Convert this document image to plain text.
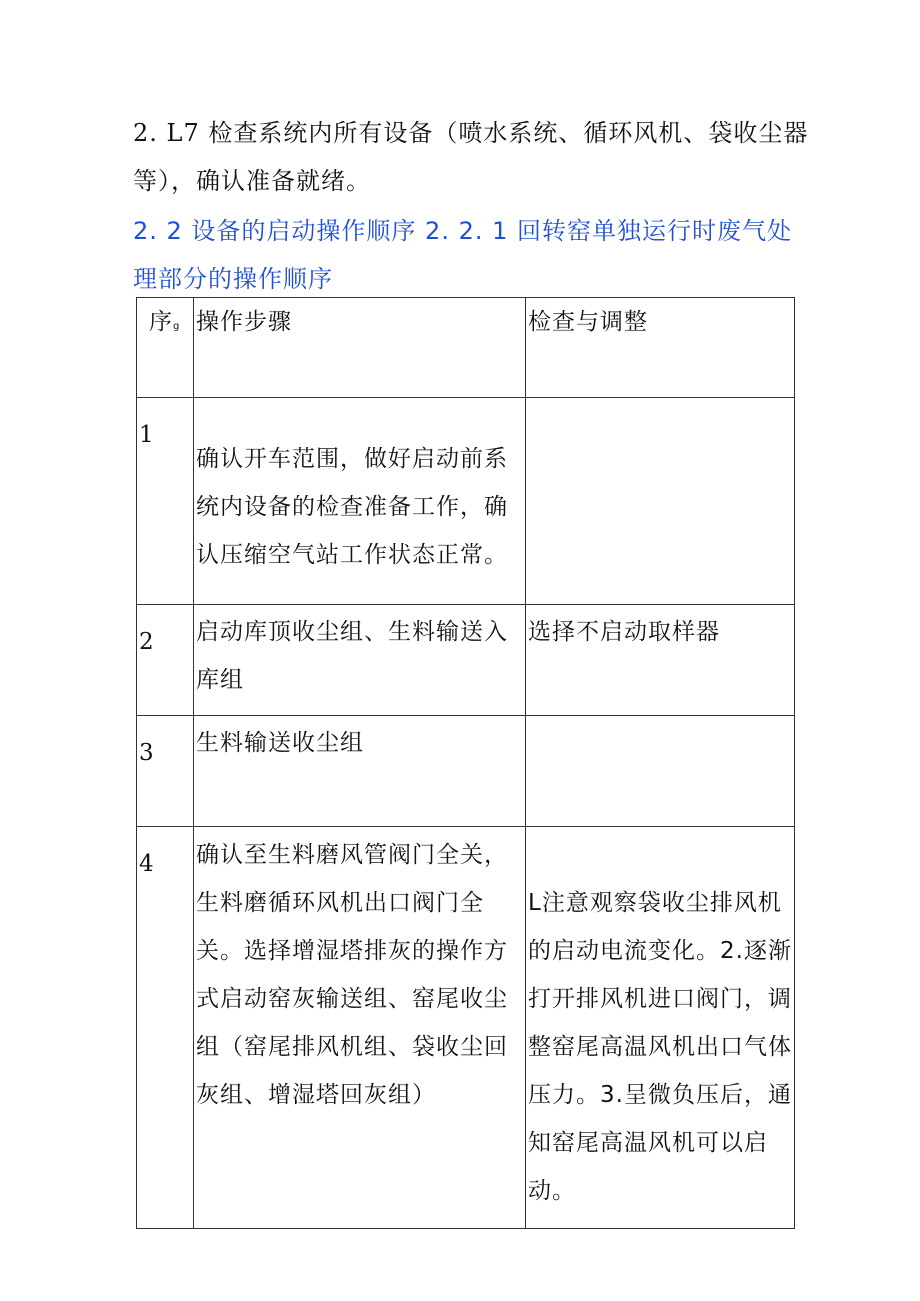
2. L7 检查系统内所有设备（喷水系统、循环风机、袋收尘器等），确认准备就绪。

2. 2 设备的启动操作顺序 2. 2. 1 回转窑单独运行时废气处理部分的操作顺序

序g	操作步骤	检查与调整
1	确认开车范围，做好启动前系统内设备的检查准备工作，确认压缩空气站工作状态正常。	

2	启动库顶收尘组、生料输送入库组	选择不启动取样器

3	生料输送收尘组	

4	确认至生料磨风管阀门全关，生料磨循环风机出口阀门全关。选择增湿塔排灰的操作方式启动窑灰输送组、窑尾收尘组（窑尾排风机组、袋收尘回灰组、增湿塔回灰组）	L注意观察袋收尘排风机的启动电流变化。2.逐渐打开排风机进口阀门，调整窑尾高温风机出口气体压力。3.呈微负压后，通知窑尾高温风机可以启动。
